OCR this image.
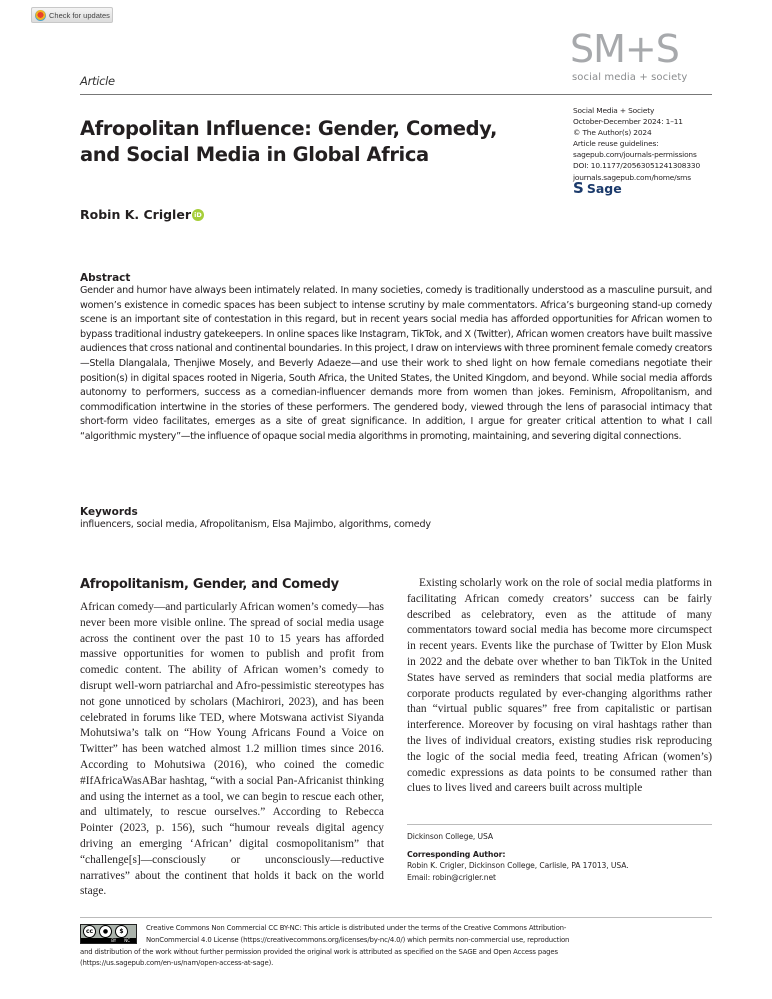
Check for updates
Article
SM+S
social media + society
Social Media + Society
October-December 2024: 1–11
© The Author(s) 2024
Article reuse guidelines:
sagepub.com/journals-permissions
DOI: 10.1177/20563051241308330
journals.sagepub.com/home/sms
S Sage
Afropolitan Influence: Gender, Comedy,
and Social Media in Global Africa
Robin K. Crigler iD
Abstract

Gender and humor have always been intimately related. In many societies, comedy is traditionally understood as a masculine pursuit, and women’s existence in comedic spaces has been subject to intense scrutiny by male commentators. Africa’s burgeoning stand-up comedy scene is an important site of contestation in this regard, but in recent years social media has afforded opportunities for African women to bypass traditional industry gatekeepers. In online spaces like Instagram, TikTok, and X (Twitter), African women creators have built massive audiences that cross national and continental boundaries. In this project, I draw on interviews with three prominent female comedy creators—Stella Dlangalala, Thenjiwe Mosely, and Beverly Adaeze—and use their work to shed light on how female comedians negotiate their position(s) in digital spaces rooted in Nigeria, South Africa, the United States, the United Kingdom, and beyond. While social media affords autonomy to performers, success as a comedian-influencer demands more from women than jokes. Feminism, Afropolitanism, and commodification intertwine in the stories of these performers. The gendered body, viewed through the lens of parasocial intimacy that short-form video facilitates, emerges as a site of great significance. In addition, I argue for greater critical attention to what I call “algorithmic mystery”—the influence of opaque social media algorithms in promoting, maintaining, and severing digital connections.

Keywords

influencers, social media, Afropolitanism, Elsa Majimbo, algorithms, comedy

Afropolitanism, Gender, and Comedy

African comedy—and particularly African women’s comedy—has never been more visible online. The spread of social media usage across the continent over the past 10 to 15 years has afforded massive opportunities for women to publish and profit from comedic content. The ability of African women’s comedy to disrupt well-worn patriarchal and Afro-pessimistic stereotypes has not gone unnoticed by scholars (Machirori, 2023), and has been celebrated in forums like TED, where Motswana activist Siyanda Mohutsiwa’s talk on “How Young Africans Found a Voice on Twitter” has been watched almost 1.2 million times since 2016. According to Mohutsiwa (2016), who coined the comedic #IfAfricaWasABar hashtag, “with a social Pan-Africanist thinking and using the internet as a tool, we can begin to rescue each other, and ultimately, to rescue ourselves.” According to Rebecca Pointer (2023, p. 156), such “humour reveals digital agency driving an emerging ‘African’ digital cosmopolitanism” that “challenge[s]—consciously or unconsciously—reductive narratives” about the continent that holds it back on the world stage.

Existing scholarly work on the role of social media platforms in facilitating African comedy creators’ success can be fairly described as celebratory, even as the attitude of many commentators toward social media has become more circumspect in recent years. Events like the purchase of Twitter by Elon Musk in 2022 and the debate over whether to ban TikTok in the United States have served as reminders that social media platforms are corporate products regulated by ever-changing algorithms rather than “virtual public squares” free from capitalistic or partisan interference. Moreover by focusing on viral hashtags rather than the lives of individual creators, existing studies risk reproducing the logic of the social media feed, treating African (women’s) comedic expressions as data points to be consumed rather than clues to lives lived and careers built across multiple

Dickinson College, USA
Corresponding Author:
Robin K. Crigler, Dickinson College, Carlisle, PA 17013, USA.
Email: robin@crigler.net
cc	●	$
BY NC

Creative Commons Non Commercial CC BY-NC: This article is distributed under the terms of the Creative Commons Attribution-

NonCommercial 4.0 License (https://creativecommons.org/licenses/by-nc/4.0/) which permits non-commercial use, reproduction

and distribution of the work without further permission provided the original work is attributed as specified on the SAGE and Open Access pages

(https://us.sagepub.com/en-us/nam/open-access-at-sage).
